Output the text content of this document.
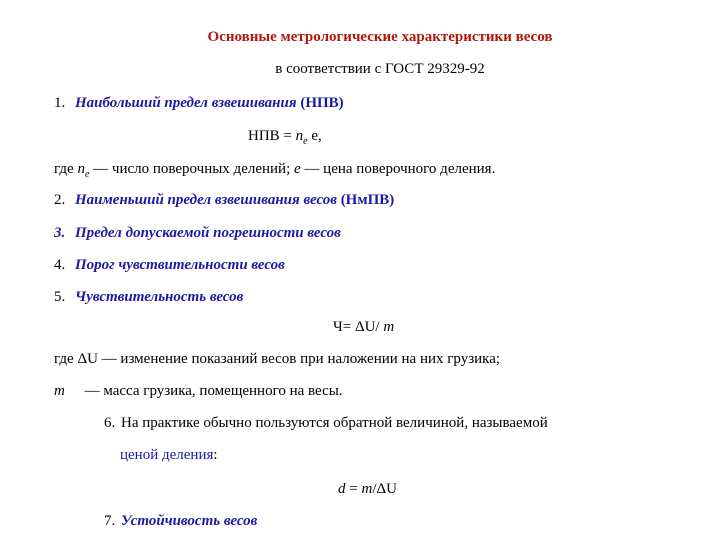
Основные метрологические характеристики весов
в соответствии с ГОСТ 29329-92
1. Наибольший предел взвешивания (НПВ)
НПВ = $n_e$ e,
где $n_e$ — число поверочных делений; e — цена поверочного деления.
2. Наименьший предел взвешивания весов (НмПВ)
3. Предел допускаемой погрешности весов
4. Порог чувствительности весов
5. Чувствительность весов
Ч= ΔU/ m
где ΔU — изменение показаний весов при наложении на них грузика;
m — масса грузика, помещенного на весы.
6. На практике обычно пользуются обратной величиной, называемой
ценой деления:
d = m/ΔU
7. Устойчивость весов
